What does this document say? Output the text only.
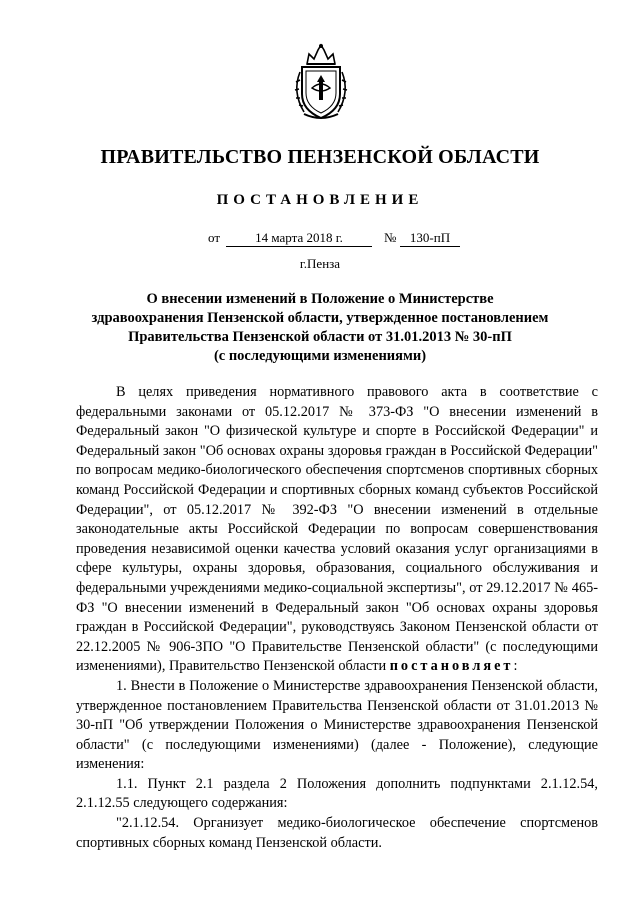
ПРАВИТЕЛЬСТВО ПЕНЗЕНСКОЙ ОБЛАСТИ
ПОСТАНОВЛЕНИЕ
от	14 марта 2018 г.	№	130-пП
г.Пенза
О внесении изменений в Положение о Министерстве
здравоохранения Пензенской области, утвержденное постановлением
Правительства Пензенской области от 31.01.2013 № 30-пП
(с последующими изменениями)

В целях приведения нормативного правового акта в соответствие с федеральными законами от 05.12.2017 № 373-ФЗ "О внесении изменений в Федеральный закон "О физической культуре и спорте в Российской Федерации" и Федеральный закон "Об основах охраны здоровья граждан в Российской Федерации" по вопросам медико-биологического обеспечения спортсменов спортивных сборных команд Российской Федерации и спортивных сборных команд субъектов Российской Федерации", от 05.12.2017 № 392-ФЗ "О внесении изменений в отдельные законодательные акты Российской Федерации по вопросам совершенствования проведения независимой оценки качества условий оказания услуг организациями в сфере культуры, охраны здоровья, образования, социального обслуживания и федеральными учреждениями медико-социальной экспертизы", от 29.12.2017 № 465-ФЗ "О внесении изменений в Федеральный закон "Об основах охраны здоровья граждан в Российской Федерации", руководствуясь Законом Пензенской области от 22.12.2005 № 906-ЗПО "О Правительстве Пензенской области" (с последующими изменениями), Правительство Пензенской области постановляет:

1. Внести в Положение о Министерстве здравоохранения Пензенской области, утвержденное постановлением Правительства Пензенской области от 31.01.2013 № 30-пП "Об утверждении Положения о Министерстве здравоохранения Пензенской области" (с последующими изменениями) (далее - Положение), следующие изменения:

1.1. Пункт 2.1 раздела 2 Положения дополнить подпунктами 2.1.12.54, 2.1.12.55 следующего содержания:

"2.1.12.54. Организует медико-биологическое обеспечение спортсменов спортивных сборных команд Пензенской области.
